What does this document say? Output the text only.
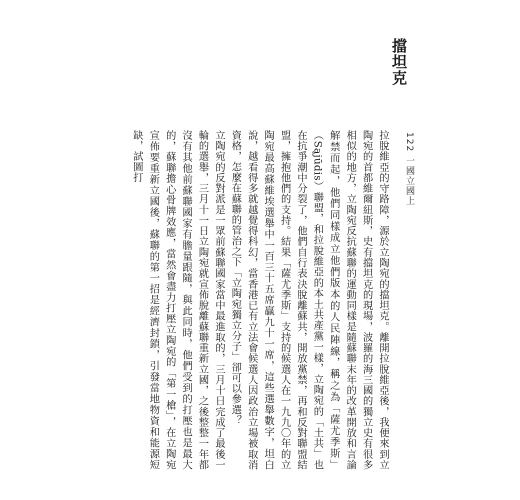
擋坦克
122 一國立國上

拉脫維亞的守路障，源於立陶宛的擋坦克。離開拉脫維亞後，我便來到立陶宛的首都維爾紐斯，史有擋坦克的現場，波羅的海三國的獨立史有很多相似的地方，立陶宛反抗蘇聯的運動同樣是隨蘇聯末年的改革開放和言論解禁而起，他們同樣成立他們版本的人民陣線，稱之為「薩尤季斯」（Sąjūdis）聯盟，和拉脫維亞的本土共產黨一樣，立陶宛的「土共」也在抗爭潮中分裂了，他們自行表決脫離蘇共，開放黨禁，再和反對聯盟結盟，擁抱他們的支持。結果「薩尤季斯」支持的候選人在一九九〇年的立陶宛最高蘇維埃選舉中一百三十五席贏九十一席，這些選舉數字，坦白說，越看得多就越覺得科幻，當香港已有立法會候選人因政治立場被取消資格，怎麼在蘇聯的管治之下「立陶宛獨立分子」卻可以參選？

立陶宛的反對派是一眾前蘇聯國家當中最進取的，三月十日完成了最後一輪的選舉，三月十一日立陶宛就宣佈脫離蘇聯重新立國，之後整整一年都沒有其他前蘇聯國家有膽量跟隨，與此同時，他們受到的打壓也是最大的，蘇聯擔心骨牌效應，當然會盡力打壓立陶宛的「第一槍」，在立陶宛宣佈要重新立國後，蘇聯的第一招是經濟封鎖，引發當地物資和能源短缺，試圖打
